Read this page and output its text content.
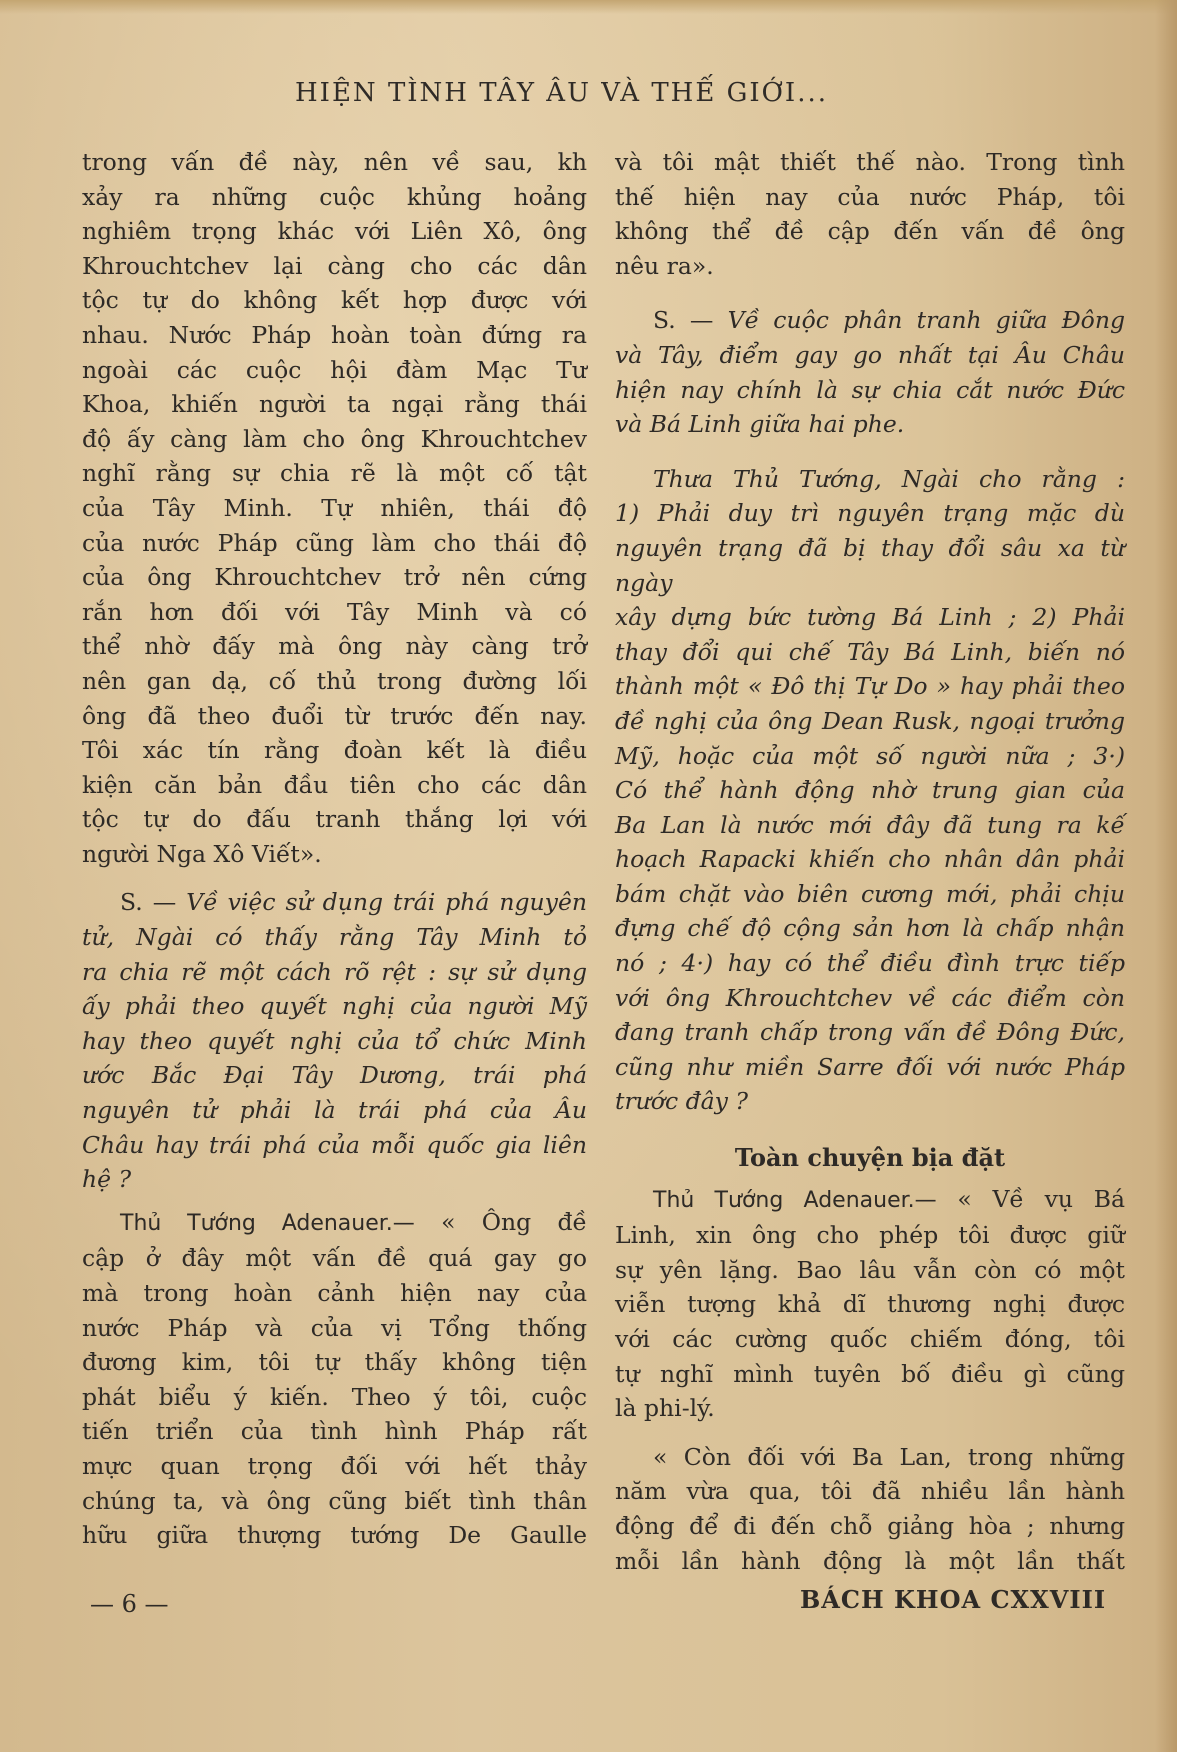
HIỆN TÌNH TÂY ÂU VÀ THẾ GIỚI...

trong vấn đề này, nên về sau, kh

xảy ra những cuộc khủng hoảng

nghiêm trọng khác với Liên Xô, ông

Khrouchtchev lại càng cho các dân

tộc tự do không kết hợp được với

nhau. Nước Pháp hoàn toàn đứng ra

ngoài các cuộc hội đàm Mạc Tư

Khoa, khiến người ta ngại rằng thái

độ ấy càng làm cho ông Khrouchtchev

nghĩ rằng sự chia rẽ là một cố tật

của Tây Minh. Tự nhiên, thái độ

của nước Pháp cũng làm cho thái độ

của ông Khrouchtchev trở nên cứng

rắn hơn đối với Tây Minh và có

thể nhờ đấy mà ông này càng trở

nên gan dạ, cố thủ trong đường lối

ông đã theo đuổi từ trước đến nay.

Tôi xác tín rằng đoàn kết là điều

kiện căn bản đầu tiên cho các dân

tộc tự do đấu tranh thắng lợi với

người Nga Xô Viết».

S. — Về việc sử dụng trái phá nguyên

tử, Ngài có thấy rằng Tây Minh tỏ

ra chia rẽ một cách rõ rệt : sự sử dụng

ấy phải theo quyết nghị của người Mỹ

hay theo quyết nghị của tổ chức Minh

ước Bắc Đại Tây Dương, trái phá

nguyên tử phải là trái phá của Âu

Châu hay trái phá của mỗi quốc gia liên

hệ ?

Thủ Tướng Adenauer.— « Ông đề

cập ở đây một vấn đề quá gay go

mà trong hoàn cảnh hiện nay của

nước Pháp và của vị Tổng thống

đương kim, tôi tự thấy không tiện

phát biểu ý kiến. Theo ý tôi, cuộc

tiến triển của tình hình Pháp rất

mực quan trọng đối với hết thảy

chúng ta, và ông cũng biết tình thân

hữu giữa thượng tướng De Gaulle

và tôi mật thiết thế nào. Trong tình

thế hiện nay của nước Pháp, tôi

không thể đề cập đến vấn đề ông

nêu ra».

S. — Về cuộc phân tranh giữa Đông

và Tây, điểm gay go nhất tại Âu Châu

hiện nay chính là sự chia cắt nước Đức

và Bá Linh giữa hai phe.

Thưa Thủ Tướng, Ngài cho rằng :

1) Phải duy trì nguyên trạng mặc dù

nguyên trạng đã bị thay đổi sâu xa từ ngày

xây dựng bức tường Bá Linh ; 2) Phải

thay đổi qui chế Tây Bá Linh, biến nó

thành một « Đô thị Tự Do » hay phải theo

đề nghị của ông Dean Rusk, ngoại trưởng

Mỹ, hoặc của một số người nữa ; 3·)

Có thể hành động nhờ trung gian của

Ba Lan là nước mới đây đã tung ra kế

hoạch Rapacki khiến cho nhân dân phải

bám chặt vào biên cương mới, phải chịu

đựng chế độ cộng sản hơn là chấp nhận

nó ; 4·) hay có thể điều đình trực tiếp

với ông Khrouchtchev về các điểm còn

đang tranh chấp trong vấn đề Đông Đức,

cũng như miền Sarre đối với nước Pháp

trước đây ?

Toàn chuyện bịa đặt

Thủ Tướng Adenauer.— « Về vụ Bá

Linh, xin ông cho phép tôi được giữ

sự yên lặng. Bao lâu vẫn còn có một

viễn tượng khả dĩ thương nghị được

với các cường quốc chiếm đóng, tôi

tự nghĩ mình tuyên bố điều gì cũng

là phi-lý.

« Còn đối với Ba Lan, trong những

năm vừa qua, tôi đã nhiều lần hành

động để đi đến chỗ giảng hòa ; nhưng

mỗi lần hành động là một lần thất

— 6 —	BÁCH KHOA CXXVIII
